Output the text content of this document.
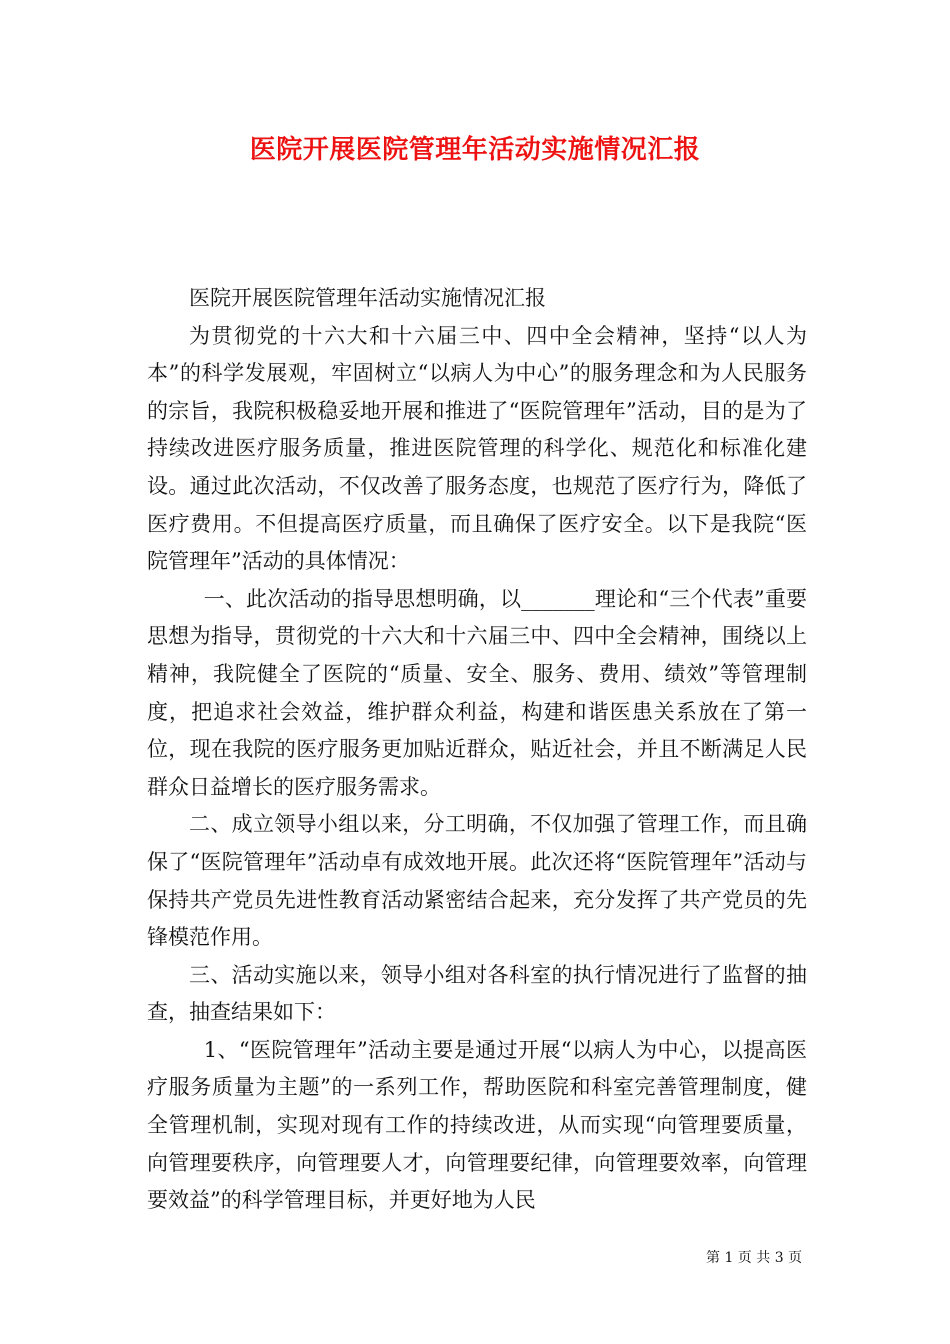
医院开展医院管理年活动实施情况汇报

医院开展医院管理年活动实施情况汇报

为贯彻党的十六大和十六届三中、四中全会精神，坚持“以人为本”的科学发展观，牢固树立“以病人为中心”的服务理念和为人民服务的宗旨，我院积极稳妥地开展和推进了“医院管理年”活动，目的是为了持续改进医疗服务质量，推进医院管理的科学化、规范化和标准化建设。通过此次活动，不仅改善了服务态度，也规范了医疗行为，降低了医疗费用。不但提高医疗质量，而且确保了医疗安全。以下是我院“医院管理年”活动的具体情况：

一、此次活动的指导思想明确，以_______理论和“三个代表”重要思想为指导，贯彻党的十六大和十六届三中、四中全会精神，围绕以上精神，我院健全了医院的“质量、安全、服务、费用、绩效”等管理制度，把追求社会效益，维护群众利益，构建和谐医患关系放在了第一位，现在我院的医疗服务更加贴近群众，贴近社会，并且不断满足人民群众日益增长的医疗服务需求。

二、成立领导小组以来，分工明确，不仅加强了管理工作，而且确保了“医院管理年”活动卓有成效地开展。此次还将“医院管理年”活动与保持共产党员先进性教育活动紧密结合起来，充分发挥了共产党员的先锋模范作用。

三、活动实施以来，领导小组对各科室的执行情况进行了监督的抽查，抽查结果如下：

1、“医院管理年”活动主要是通过开展“以病人为中心，以提高医疗服务质量为主题”的一系列工作，帮助医院和科室完善管理制度，健全管理机制，实现对现有工作的持续改进，从而实现“向管理要质量，向管理要秩序，向管理要人才，向管理要纪律，向管理要效率，向管理要效益”的科学管理目标，并更好地为人民

第 1 页 共 3 页
